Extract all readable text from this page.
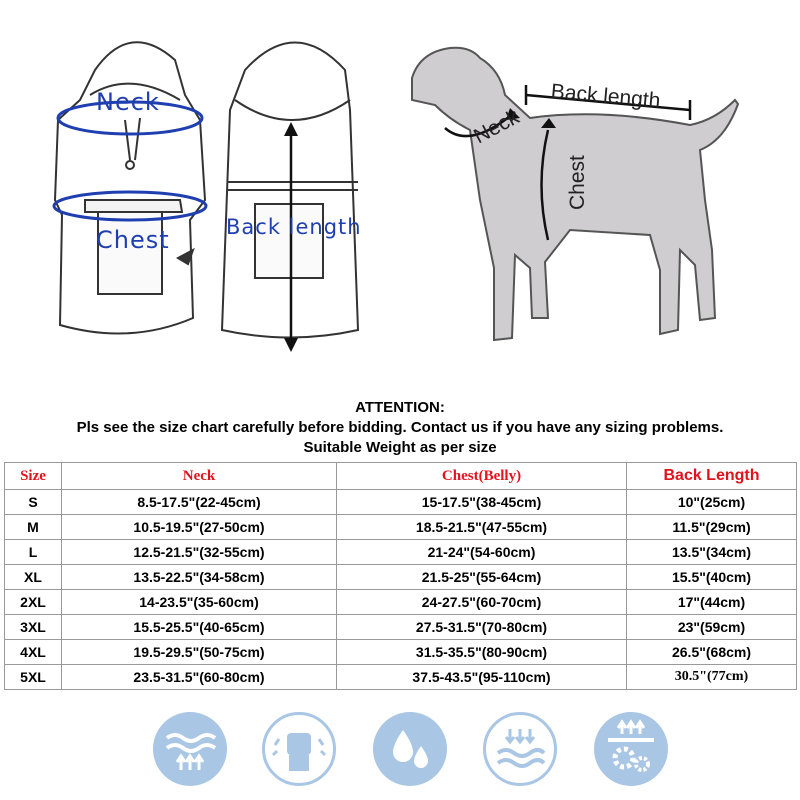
Neck
Chest	Back length
Back length
Neck
Chest
ATTENTION:
Pls see the size chart carefully before bidding. Contact us if you have any sizing problems.
Suitable Weight as per size
Size	Neck	Chest(Belly)	Back Length
S	8.5-17.5"(22-45cm)	15-17.5"(38-45cm)	10"(25cm)
M	10.5-19.5"(27-50cm)	18.5-21.5"(47-55cm)	11.5"(29cm)
L	12.5-21.5"(32-55cm)	21-24"(54-60cm)	13.5"(34cm)
XL	13.5-22.5"(34-58cm)	21.5-25"(55-64cm)	15.5"(40cm)
2XL	14-23.5"(35-60cm)	24-27.5"(60-70cm)	17"(44cm)
3XL	15.5-25.5"(40-65cm)	27.5-31.5"(70-80cm)	23"(59cm)
4XL	19.5-29.5"(50-75cm)	31.5-35.5"(80-90cm)	26.5"(68cm)
5XL	23.5-31.5"(60-80cm)	37.5-43.5"(95-110cm)	30.5"(77cm)
